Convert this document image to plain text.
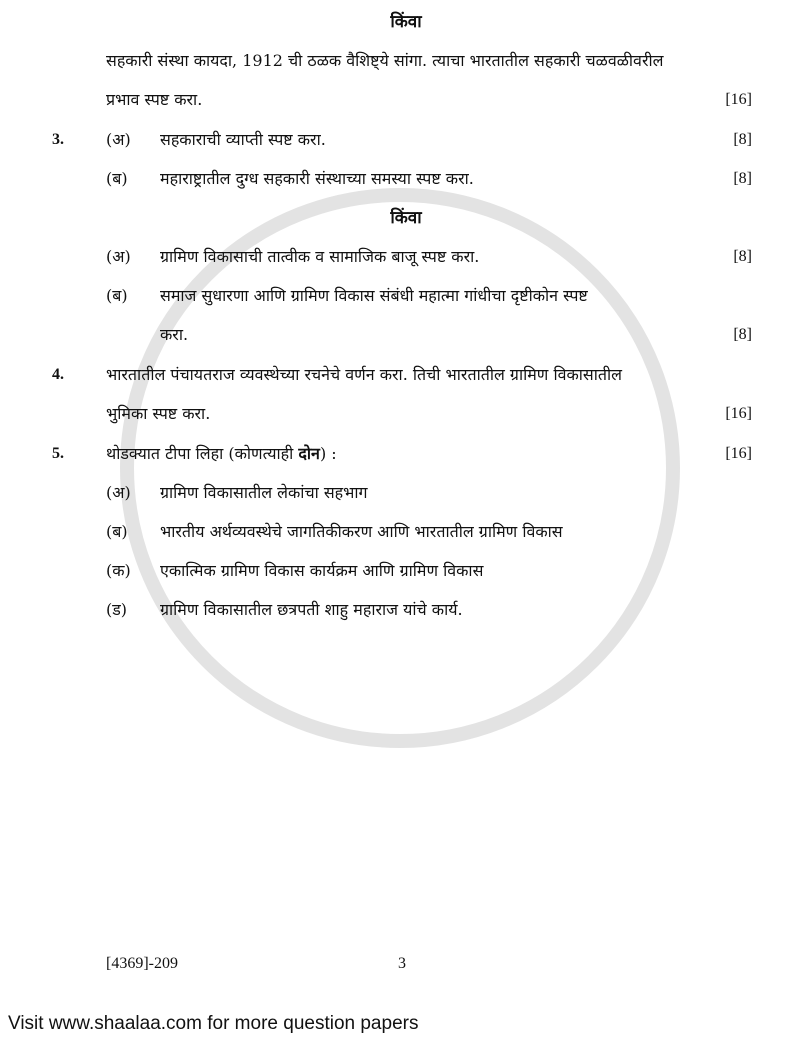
किंवा
सहकारी संस्था कायदा, 1912 ची ठळक वैशिष्ट्ये सांगा. त्याचा भारतातील सहकारी चळवळीवरील
प्रभाव स्पष्ट करा.	[16]
3.	(अ)	सहकाराची व्याप्ती स्पष्ट करा.	[8]
(ब)	महाराष्ट्रातील दुग्ध सहकारी संस्थाच्या समस्या स्पष्ट करा.	[8]
किंवा
(अ)	ग्रामिण विकासाची तात्वीक व सामाजिक बाजू स्पष्ट करा.	[8]
(ब)	समाज सुधारणा आणि ग्रामिण विकास संबंधी महात्मा गांधीचा दृष्टीकोन स्पष्ट
करा.	[8]
4.	भारतातील पंचायतराज व्यवस्थेच्या रचनेचे वर्णन करा. तिची भारतातील ग्रामिण विकासातील
भुमिका स्पष्ट करा.	[16]
5.	थोडक्यात टीपा लिहा (कोणत्याही दोन) :	[16]
(अ)	ग्रामिण विकासातील लेकांचा सहभाग
(ब)	भारतीय अर्थव्यवस्थेचे जागतिकीकरण आणि भारतातील ग्रामिण विकास
(क)	एकात्मिक ग्रामिण विकास कार्यक्रम आणि ग्रामिण विकास
(ड)	ग्रामिण विकासातील छत्रपती शाहु महाराज यांचे कार्य.
[4369]-209	3
Visit www.shaalaa.com for more question papers
